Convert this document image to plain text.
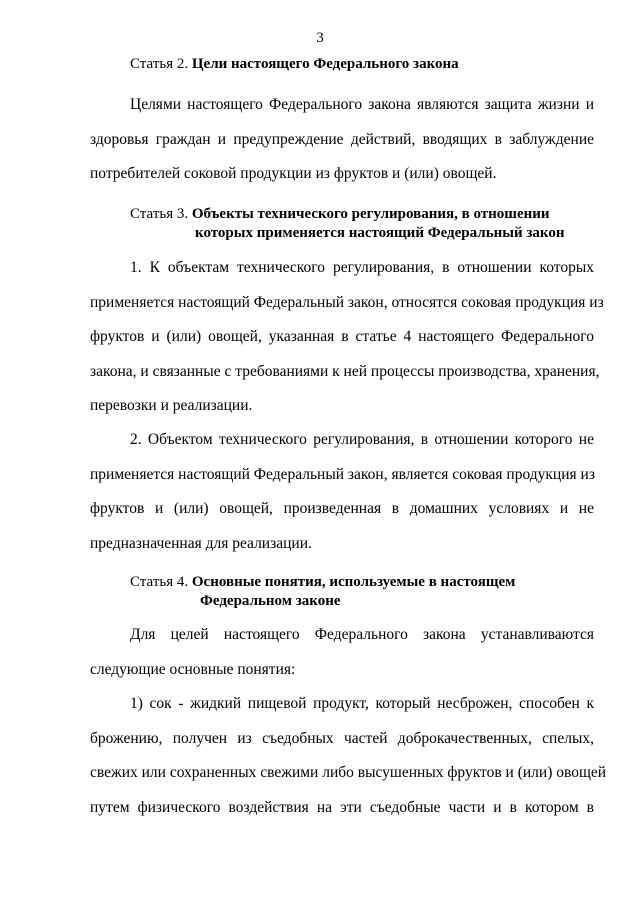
3
Статья 2. Цели настоящего Федерального закона
Целями настоящего Федерального закона являются защита жизни и
здоровья граждан и предупреждение действий, вводящих в заблуждение
потребителей соковой продукции из фруктов и (или) овощей.
Статья 3. Объекты технического регулирования, в отношении
которых применяется настоящий Федеральный закон
1. К объектам технического регулирования, в отношении которых
применяется настоящий Федеральный закон, относятся соковая продукция из
фруктов и (или) овощей, указанная в статье 4 настоящего Федерального
закона, и связанные с требованиями к ней процессы производства, хранения,
перевозки и реализации.
2. Объектом технического регулирования, в отношении которого не
применяется настоящий Федеральный закон, является соковая продукция из
фруктов и (или) овощей, произведенная в домашних условиях и не
предназначенная для реализации.
Статья 4. Основные понятия, используемые в настоящем
Федеральном законе
Для целей настоящего Федерального закона устанавливаются
следующие основные понятия:
1) сок - жидкий пищевой продукт, который несброжен, способен к
брожению, получен из съедобных частей доброкачественных, спелых,
свежих или сохраненных свежими либо высушенных фруктов и (или) овощей
путем физического воздействия на эти съедобные части и в котором в
